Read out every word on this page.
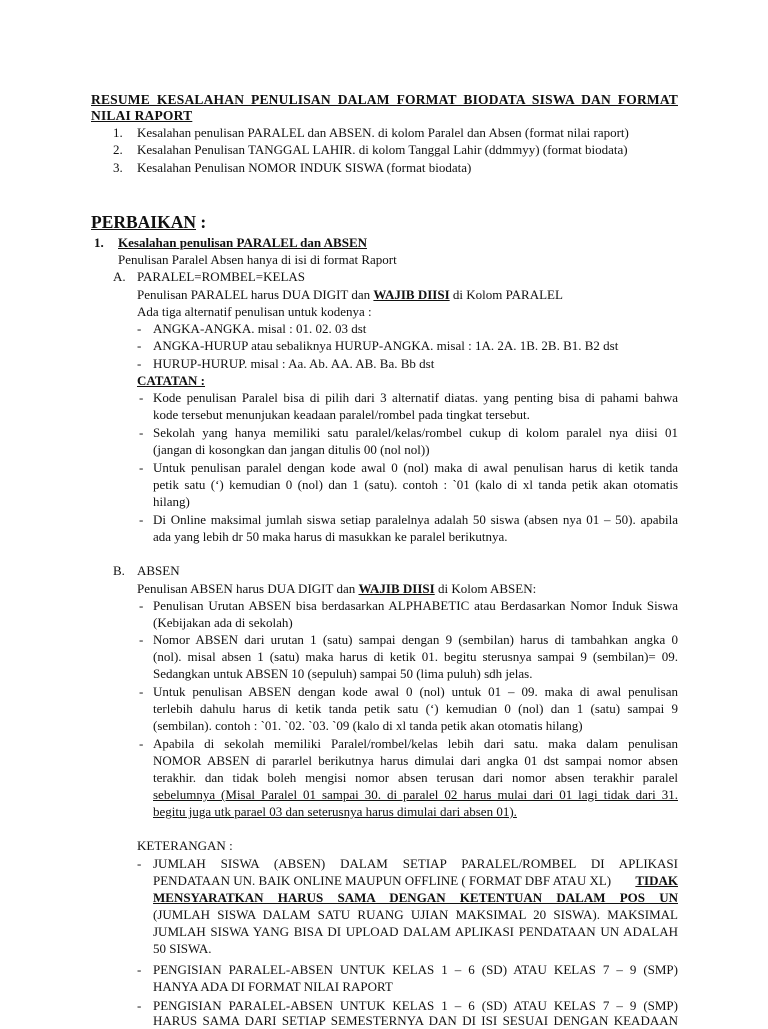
RESUME KESALAHAN PENULISAN DALAM FORMAT BIODATA SISWA DAN FORMAT
NILAI RAPORT
1. Kesalahan penulisan PARALEL dan ABSEN. di kolom Paralel dan Absen (format nilai raport)
2. Kesalahan Penulisan TANGGAL LAHIR. di kolom Tanggal Lahir (ddmmyy) (format biodata)
3. Kesalahan Penulisan NOMOR INDUK SISWA (format biodata)
PERBAIKAN :
1. Kesalahan penulisan PARALEL dan ABSEN
Penulisan Paralel Absen hanya di isi di format Raport
A. PARALEL=ROMBEL=KELAS
Penulisan PARALEL harus DUA DIGIT dan WAJIB DIISI di Kolom PARALEL
Ada tiga alternatif penulisan untuk kodenya :
- ANGKA-ANGKA. misal : 01. 02. 03 dst
- ANGKA-HURUP atau sebaliknya HURUP-ANGKA. misal : 1A. 2A. 1B. 2B. B1. B2 dst
- HURUP-HURUP. misal : Aa. Ab. AA. AB. Ba. Bb dst
CATATAN :
- Kode penulisan Paralel bisa di pilih dari 3 alternatif diatas. yang penting bisa di pahami bahwa
kode tersebut menunjukan keadaan paralel/rombel pada tingkat tersebut.
- Sekolah yang hanya memiliki satu paralel/kelas/rombel cukup di kolom paralel nya diisi 01
(jangan di kosongkan dan jangan ditulis 00 (nol nol))
- Untuk penulisan paralel dengan kode awal 0 (nol) maka di awal penulisan harus di ketik tanda
petik satu (‘) kemudian 0 (nol) dan 1 (satu). contoh : `01 (kalo di xl tanda petik akan otomatis
hilang)
- Di Online maksimal jumlah siswa setiap paralelnya adalah 50 siswa (absen nya 01 – 50). apabila
ada yang lebih dr 50 maka harus di masukkan ke paralel berikutnya.
B. ABSEN
Penulisan ABSEN harus DUA DIGIT dan WAJIB DIISI di Kolom ABSEN:
- Penulisan Urutan ABSEN bisa berdasarkan ALPHABETIC atau Berdasarkan Nomor Induk Siswa
(Kebijakan ada di sekolah)
- Nomor ABSEN dari urutan 1 (satu) sampai dengan 9 (sembilan) harus di tambahkan angka 0
(nol). misal absen 1 (satu) maka harus di ketik 01. begitu sterusnya sampai 9 (sembilan)= 09.
Sedangkan untuk ABSEN 10 (sepuluh) sampai 50 (lima puluh) sdh jelas.
- Untuk penulisan ABSEN dengan kode awal 0 (nol) untuk 01 – 09. maka di awal penulisan
terlebih dahulu harus di ketik tanda petik satu (‘) kemudian 0 (nol) dan 1 (satu) sampai 9
(sembilan). contoh : `01. `02. `03. `09 (kalo di xl tanda petik akan otomatis hilang)
- Apabila di sekolah memiliki Paralel/rombel/kelas lebih dari satu. maka dalam penulisan
NOMOR ABSEN di pararlel berikutnya harus dimulai dari angka 01 dst sampai nomor absen
terakhir. dan tidak boleh mengisi nomor absen terusan dari nomor absen terakhir paralel
sebelumnya (Misal Paralel 01 sampai 30. di paralel 02 harus mulai dari 01 lagi tidak dari 31.
begitu juga utk parael 03 dan seterusnya harus dimulai dari absen 01).
KETERANGAN :
- JUMLAH SISWA (ABSEN) DALAM SETIAP PARALEL/ROMBEL DI APLIKASI
PENDATAAN UN. BAIK ONLINE MAUPUN OFFLINE ( FORMAT DBF ATAU XL) TIDAK
MENSYARATKAN HARUS SAMA DENGAN KETENTUAN DALAM POS UN
(JUMLAH SISWA DALAM SATU RUANG UJIAN MAKSIMAL 20 SISWA). MAKSIMAL
JUMLAH SISWA YANG BISA DI UPLOAD DALAM APLIKASI PENDATAAN UN ADALAH
50 SISWA.
- PENGISIAN PARALEL-ABSEN UNTUK KELAS 1 – 6 (SD) ATAU KELAS 7 – 9 (SMP)
HANYA ADA DI FORMAT NILAI RAPORT
- PENGISIAN PARALEL-ABSEN UNTUK KELAS 1 – 6 (SD) ATAU KELAS 7 – 9 (SMP)
HARUS SAMA DARI SETIAP SEMESTERNYA DAN DI ISI SESUAI DENGAN KEADAAN
